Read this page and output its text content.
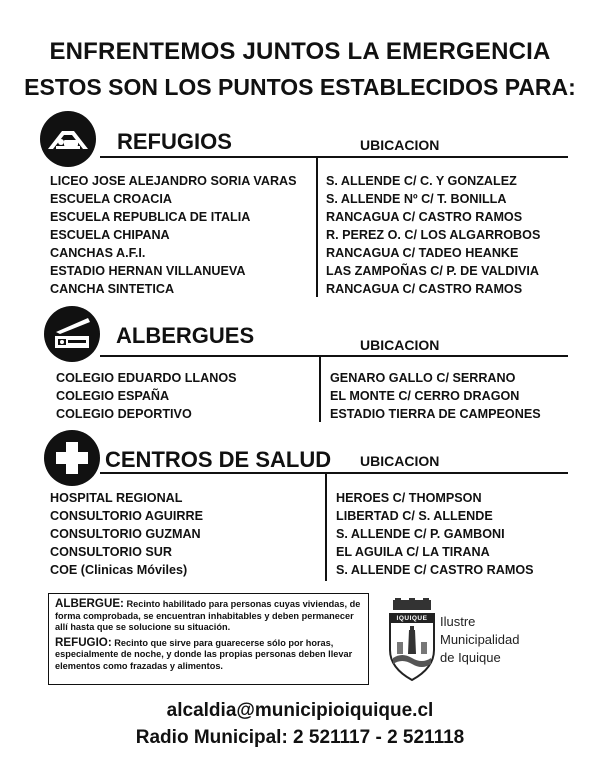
ENFRENTEMOS JUNTOS LA EMERGENCIA
ESTOS SON LOS PUNTOS ESTABLECIDOS PARA:
REFUGIOS	UBICACION
LICEO JOSE ALEJANDRO SORIA VARAS
ESCUELA CROACIA
ESCUELA REPUBLICA DE ITALIA
ESCUELA CHIPANA
CANCHAS A.F.I.
ESTADIO HERNAN VILLANUEVA
CANCHA SINTETICA
S. ALLENDE C/ C. Y GONZALEZ
S. ALLENDE Nº C/ T. BONILLA
RANCAGUA C/ CASTRO RAMOS
R. PEREZ O. C/ LOS ALGARROBOS
RANCAGUA C/ TADEO HEANKE
LAS ZAMPOÑAS C/ P. DE VALDIVIA
RANCAGUA C/ CASTRO RAMOS
ALBERGUES	UBICACION
COLEGIO EDUARDO LLANOS
COLEGIO ESPAÑA
COLEGIO DEPORTIVO
GENARO GALLO C/ SERRANO
EL MONTE C/ CERRO DRAGON
ESTADIO TIERRA DE CAMPEONES
CENTROS DE SALUD UBICACION
HOSPITAL REGIONAL
CONSULTORIO AGUIRRE
CONSULTORIO GUZMAN
CONSULTORIO SUR
COE (Clinicas Móviles)
HEROES C/ THOMPSON
LIBERTAD C/ S. ALLENDE
S. ALLENDE C/ P. GAMBONI
EL AGUILA C/ LA TIRANA
S. ALLENDE C/ CASTRO RAMOS

ALBERGUE: Recinto habilitado para personas cuyas viviendas, de forma comprobada, se encuentran inhabitables y deben permanecer allí hasta que se solucione su situación.

REFUGIO: Recinto que sirve para guarecerse sólo por horas, especialmente de noche, y donde las propias personas deben llevar elementos como frazadas y alimentos.

IQUIQUE Ilustre
Municipalidad
de Iquique
alcaldia@municipioiquique.cl
Radio Municipal: 2 521117 - 2 521118
